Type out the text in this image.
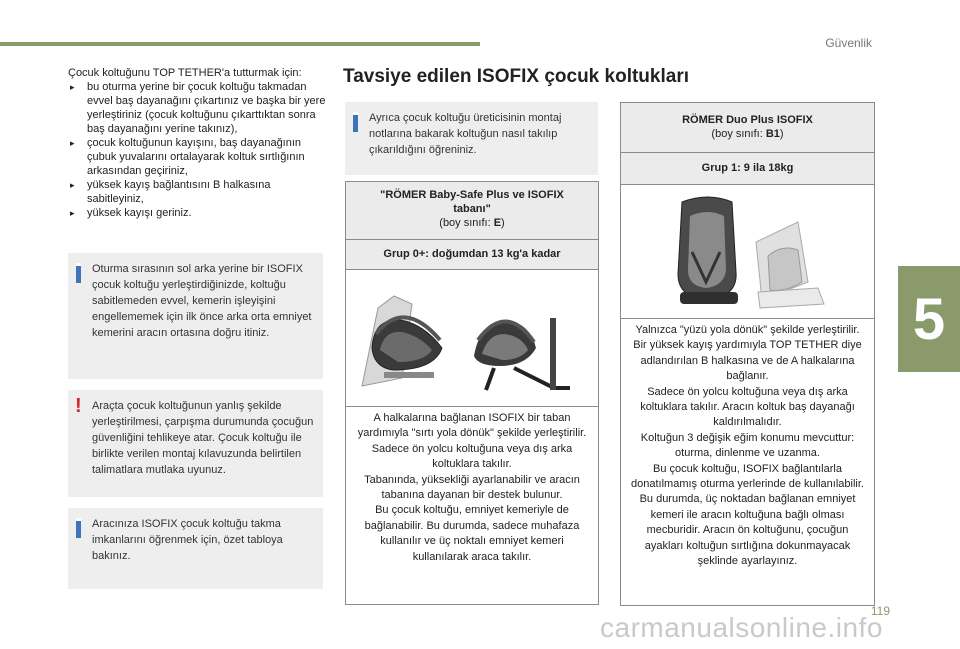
Güvenlik
5
Çocuk koltuğunu TOP TETHER'a tutturmak için:
▸ bu oturma yerine bir çocuk koltuğu takmadan evvel baş dayanağını çıkartınız ve başka bir yere yerleştiriniz (çocuk koltuğunu çıkarttıktan sonra baş dayanağını yerine takınız),
▸ çocuk koltuğunun kayışını, baş dayanağının çubuk yuvalarını ortalayarak koltuk sırtlığının arkasından geçiriniz,
▸ yüksek kayış bağlantısını B halkasına sabitleyiniz,
▸ yüksek kayışı geriniz.
Oturma sırasının sol arka yerine bir ISOFIX çocuk koltuğu yerleştirdiğinizde, koltuğu sabitlemeden evvel, kemerin işleyişini engellememek için ilk önce arka orta emniyet kemerini aracın ortasına doğru itiniz.
! Araçta çocuk koltuğunun yanlış şekilde yerleştirilmesi, çarpışma durumunda çocuğun güvenliğini tehlikeye atar. Çocuk koltuğu ile birlikte verilen montaj kılavuzunda belirtilen talimatlara mutlaka uyunuz.
Aracınıza ISOFIX çocuk koltuğu takma imkanlarını öğrenmek için, özet tabloya bakınız.
Tavsiye edilen ISOFIX çocuk koltukları
Ayrıca çocuk koltuğu üreticisinin montaj notlarına bakarak koltuğun nasıl takılıp çıkarıldığını öğreniniz.
"RÖMER Baby-Safe Plus ve ISOFIX tabanı"
(boy sınıfı: E)
Grup 0+: doğumdan 13 kg'a kadar
A halkalarına bağlanan ISOFIX bir taban yardımıyla "sırtı yola dönük" şekilde yerleştirilir.
Sadece ön yolcu koltuğuna veya dış arka koltuklara takılır.
Tabanında, yüksekliği ayarlanabilir ve aracın tabanına dayanan bir destek bulunur.
Bu çocuk koltuğu, emniyet kemeriyle de bağlanabilir. Bu durumda, sadece muhafaza kullanılır ve üç noktalı emniyet kemeri kullanılarak araca takılır.
RÖMER Duo Plus ISOFIX
(boy sınıfı: B1)
Grup 1: 9 ila 18kg
Yalnızca "yüzü yola dönük" şekilde yerleştirilir.
Bir yüksek kayış yardımıyla TOP TETHER diye adlandırılan B halkasına ve de A halkalarına bağlanır.
Sadece ön yolcu koltuğuna veya dış arka koltuklara takılır. Aracın koltuk baş dayanağı kaldırılmalıdır.
Koltuğun 3 değişik eğim konumu mevcuttur: oturma, dinlenme ve uzanma.
Bu çocuk koltuğu, ISOFIX bağlantılarla donatılmamış oturma yerlerinde de kullanılabilir. Bu durumda, üç noktadan bağlanan emniyet kemeri ile aracın koltuğuna bağlı olması mecburidir. Aracın ön koltuğunu, çocuğun ayakları koltuğun sırtlığına dokunmayacak şeklinde ayarlayınız.
119
carmanualsonline.info
